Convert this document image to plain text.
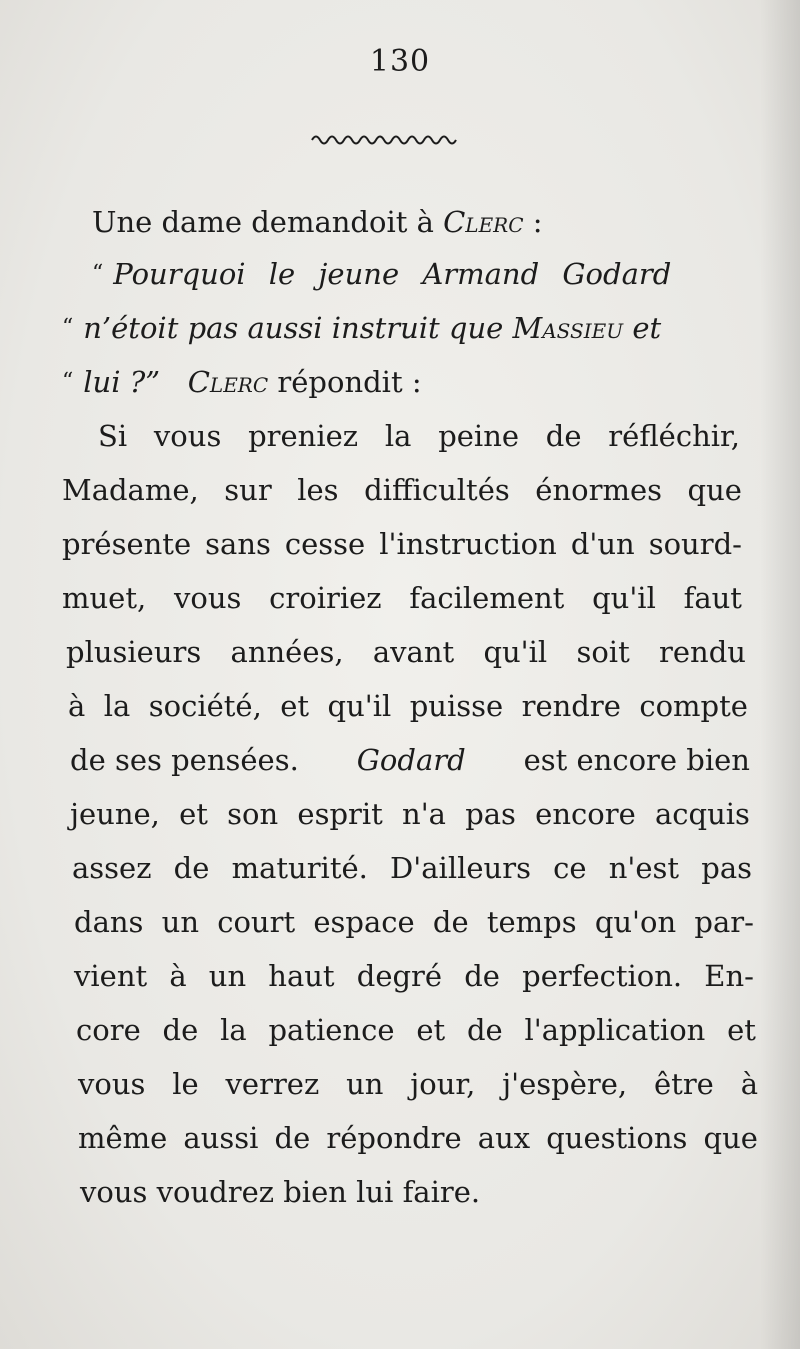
130
Une dame demandoit à
Clerc
:
“ Pourquoi le jeune Armand Godard
“ n’étoit pas aussi instruit que
Massieu
et
“ lui ?”
Clerc
répondit :
Si vous preniez la peine de réfléchir,
Madame, sur les difficultés énormes que
présente sans cesse l'instruction d'un sourd-
muet, vous croiriez facilement qu'il faut
plusieurs années, avant qu'il soit rendu
à la société, et qu'il puisse rendre compte
de ses pensées. Godard est encore bien
jeune, et son esprit n'a pas encore acquis
assez de maturité. D'ailleurs ce n'est pas
dans un court espace de temps qu'on par-
vient à un haut degré de perfection. En-
core de la patience et de l'application et
vous le verrez un jour, j'espère, être à
même aussi de répondre aux questions que
vous voudrez bien lui faire.
